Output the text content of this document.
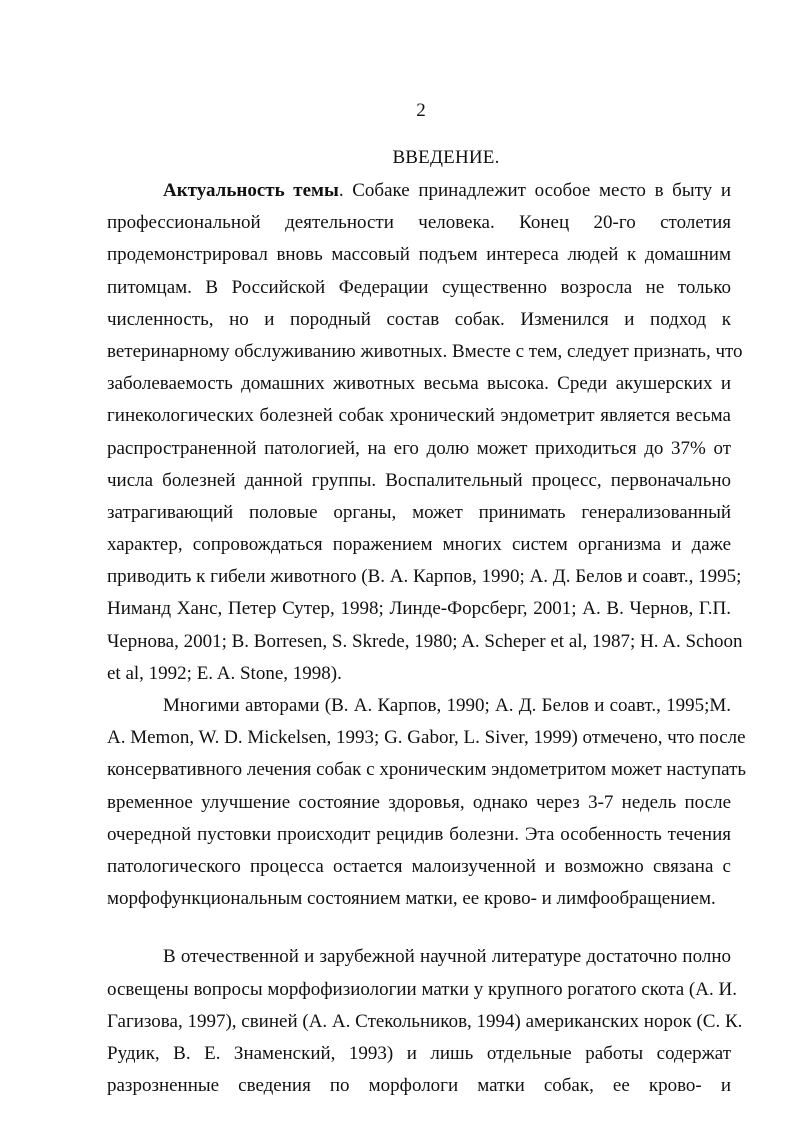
2
ВВЕДЕНИЕ.
Актуальность темы. Собаке принадлежит особое место в быту и
профессиональной деятельности человека. Конец 20-го столетия
продемонстрировал вновь массовый подъем интереса людей к домашним
питомцам. В Российской Федерации существенно возросла не только
численность, но и породный состав собак. Изменился и подход к
ветеринарному обслуживанию животных. Вместе с тем, следует признать, что
заболеваемость домашних животных весьма высока. Среди акушерских и
гинекологических болезней собак хронический эндометрит является весьма
распространенной патологией, на его долю может приходиться до 37% от
числа болезней данной группы. Воспалительный процесс, первоначально
затрагивающий половые органы, может принимать генерализованный
характер, сопровождаться поражением многих систем организма и даже
приводить к гибели животного (В. А. Карпов, 1990; А. Д. Белов и соавт., 1995;
Ниманд Ханс, Петер Сутер, 1998; Линде-Форсберг, 2001; А. В. Чернов, Г.П.
Чернова, 2001; B. Borresen, S. Skrede, 1980; A. Scheper et al, 1987; H. A. Schoon
et al, 1992; E. A. Stone, 1998).
Многими авторами (В. А. Карпов, 1990; А. Д. Белов и соавт., 1995;М.
A. Memon, W. D. Mickelsen, 1993; G. Gabor, L. Siver, 1999) отмечено, что после
консервативного лечения собак с хроническим эндометритом может наступать
временное улучшение состояние здоровья, однако через 3-7 недель после
очередной пустовки происходит рецидив болезни. Эта особенность течения
патологического процесса остается малоизученной и возможно связана с
морфофункциональным состоянием матки, ее крово- и лимфообращением.
В отечественной и зарубежной научной литературе достаточно полно
освещены вопросы морфофизиологии матки у крупного рогатого скота (А. И.
Гагизова, 1997), свиней (А. А. Стекольников, 1994) американских норок (С. К.
Рудик, В. Е. Знаменский, 1993) и лишь отдельные работы содержат
разрозненные сведения по морфологи матки собак, ее крово- и
